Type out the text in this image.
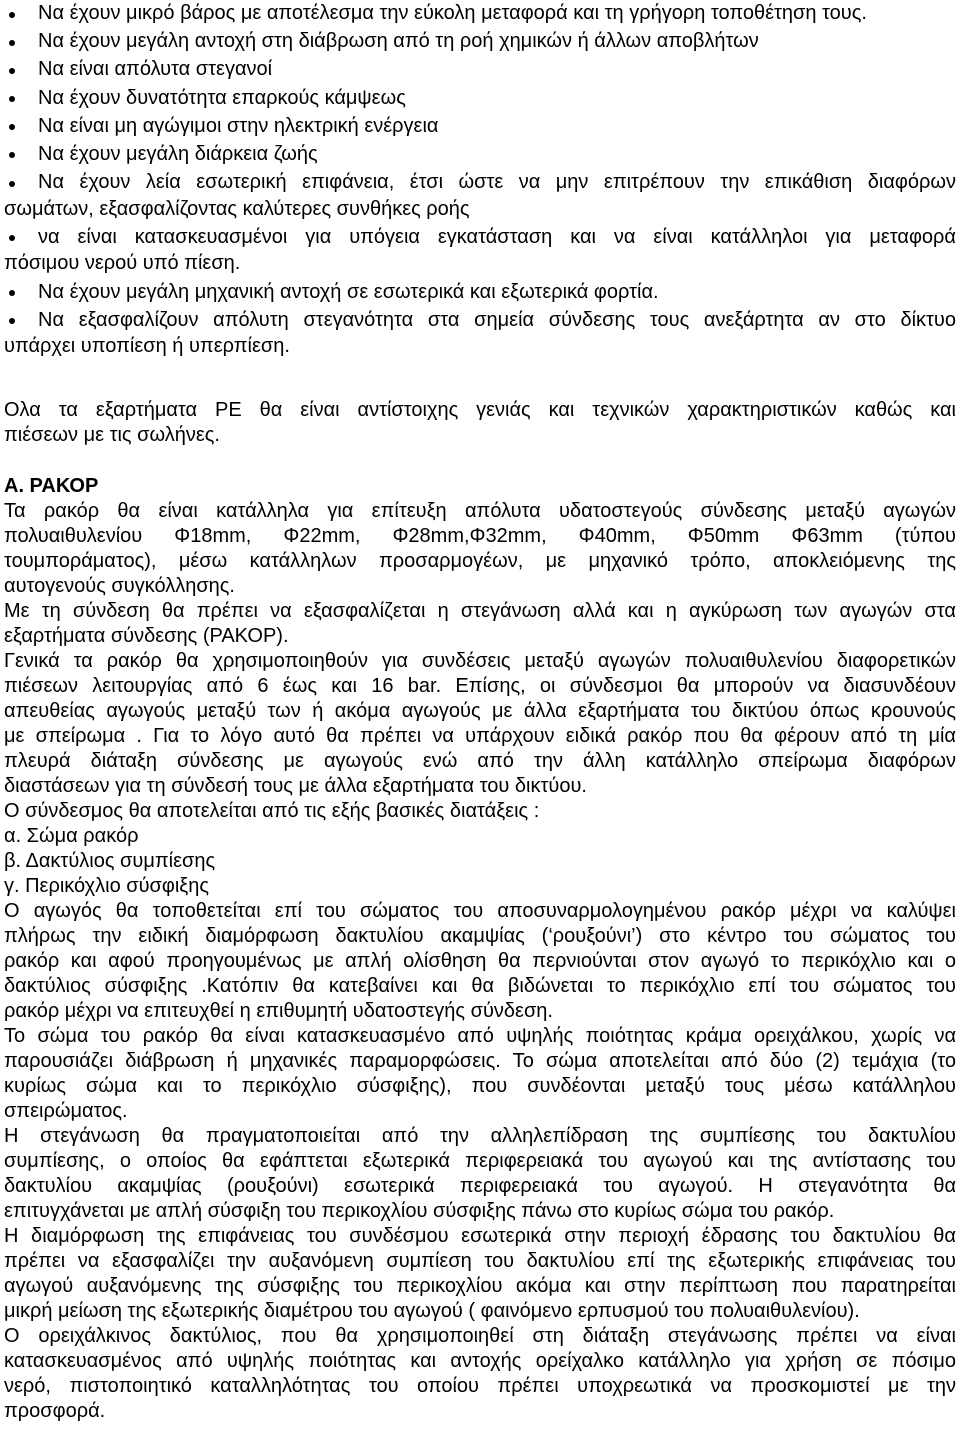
Να έχουν μικρό βάρος με αποτέλεσμα την εύκολη μεταφορά και τη γρήγορη τοποθέτηση τους.
Να έχουν μεγάλη αντοχή στη διάβρωση από τη ροή χημικών ή άλλων αποβλήτων
Να είναι απόλυτα στεγανοί
Να έχουν δυνατότητα επαρκούς κάμψεως
Να είναι μη αγώγιμοι στην ηλεκτρική ενέργεια
Να έχουν μεγάλη διάρκεια ζωής
Να έχουν λεία εσωτερική επιφάνεια, έτσι ώστε να μην επιτρέπουν την επικάθιση διαφόρων
σωμάτων, εξασφαλίζοντας καλύτερες συνθήκες ροής
να είναι κατασκευασμένοι για υπόγεια εγκατάσταση και να είναι κατάλληλοι για μεταφορά
πόσιμου νερού υπό πίεση.
Να έχουν μεγάλη μηχανική αντοχή σε εσωτερικά και εξωτερικά φορτία.
Να εξασφαλίζουν απόλυτη στεγανότητα στα σημεία σύνδεσης τους ανεξάρτητα αν στο δίκτυο
υπάρχει υποπίεση ή υπερπίεση.
Ολα τα εξαρτήματα PE θα είναι αντίστοιχης γενιάς και τεχνικών χαρακτηριστικών καθώς και
πιέσεων με τις σωλήνες.
Α. ΡΑΚΟΡ
Τα ρακόρ θα είναι κατάλληλα για επίτευξη απόλυτα υδατοστεγούς σύνδεσης μεταξύ αγωγών
πολυαιθυλενίου Φ18mm, Φ22mm, Φ28mm,Φ32mm, Φ40mm, Φ50mm Φ63mm (τύπου
τουμποράματος), μέσω κατάλληλων προσαρμογέων, με μηχανικό τρόπο, αποκλειόμενης της
αυτογενούς συγκόλλησης.
Με τη σύνδεση θα πρέπει να εξασφαλίζεται η στεγάνωση αλλά και η αγκύρωση των αγωγών στα
εξαρτήματα σύνδεσης (ΡΑΚΟΡ).
Γενικά τα ρακόρ θα χρησιμοποιηθούν για συνδέσεις μεταξύ αγωγών πολυαιθυλενίου διαφορετικών
πιέσεων λειτουργίας από 6 έως και 16 bar. Επίσης, οι σύνδεσμοι θα μπορούν να διασυνδέουν
απευθείας αγωγούς μεταξύ των ή ακόμα αγωγούς με άλλα εξαρτήματα του δικτύου όπως κρουνούς
με σπείρωμα . Για το λόγο αυτό θα πρέπει να υπάρχουν ειδικά ρακόρ που θα φέρουν από τη μία
πλευρά διάταξη σύνδεσης με αγωγούς ενώ από την άλλη κατάλληλο σπείρωμα διαφόρων
διαστάσεων για τη σύνδεσή τους με άλλα εξαρτήματα του δικτύου.
Ο σύνδεσμος θα αποτελείται από τις εξής βασικές διατάξεις :
α. Σώμα ρακόρ
β. Δακτύλιος συμπίεσης
γ. Περικόχλιο σύσφιξης
Ο αγωγός θα τοποθετείται επί του σώματος του αποσυναρμολογημένου ρακόρ μέχρι να καλύψει
πλήρως την ειδική διαμόρφωση δακτυλίου ακαμψίας (‘ρουξούνι’) στο κέντρο του σώματος του
ρακόρ και αφού προηγουμένως με απλή ολίσθηση θα περνιούνται στον αγωγό το περικόχλιο και ο
δακτύλιος σύσφιξης .Κατόπιν θα κατεβαίνει και θα βιδώνεται το περικόχλιο επί του σώματος του
ρακόρ μέχρι να επιτευχθεί η επιθυμητή υδατοστεγής σύνδεση.
Το σώμα του ρακόρ θα είναι κατασκευασμένο από υψηλής ποιότητας κράμα ορειχάλκου, χωρίς να
παρουσιάζει διάβρωση ή μηχανικές παραμορφώσεις. Το σώμα αποτελείται από δύο (2) τεμάχια (το
κυρίως σώμα και το περικόχλιο σύσφιξης), που συνδέονται μεταξύ τους μέσω κατάλληλου
σπειρώματος.
Η στεγάνωση θα πραγματοποιείται από την αλληλεπίδραση της συμπίεσης του δακτυλίου
συμπίεσης, ο οποίος θα εφάπτεται εξωτερικά περιφερειακά του αγωγού και της αντίστασης του
δακτυλίου ακαμψίας (ρουξούνι) εσωτερικά περιφερειακά του αγωγού. Η στεγανότητα θα
επιτυγχάνεται με απλή σύσφιξη του περικοχλίου σύσφιξης πάνω στο κυρίως σώμα του ρακόρ.
Η διαμόρφωση της επιφάνειας του συνδέσμου εσωτερικά στην περιοχή έδρασης του δακτυλίου θα
πρέπει να εξασφαλίζει την αυξανόμενη συμπίεση του δακτυλίου επί της εξωτερικής επιφάνειας του
αγωγού αυξανόμενης της σύσφιξης του περικοχλίου ακόμα και στην περίπτωση που παρατηρείται
μικρή μείωση της εξωτερικής διαμέτρου του αγωγού ( φαινόμενο ερπυσμού του πολυαιθυλενίου).
Ο ορειχάλκινος δακτύλιος, που θα χρησιμοποιηθεί στη διάταξη στεγάνωσης πρέπει να είναι
κατασκευασμένος από υψηλής ποιότητας και αντοχής ορείχαλκο κατάλληλο για χρήση σε πόσιμο
νερό, πιστοποιητικό καταλληλότητας του οποίου πρέπει υποχρεωτικά να προσκομιστεί με την
προσφορά.
